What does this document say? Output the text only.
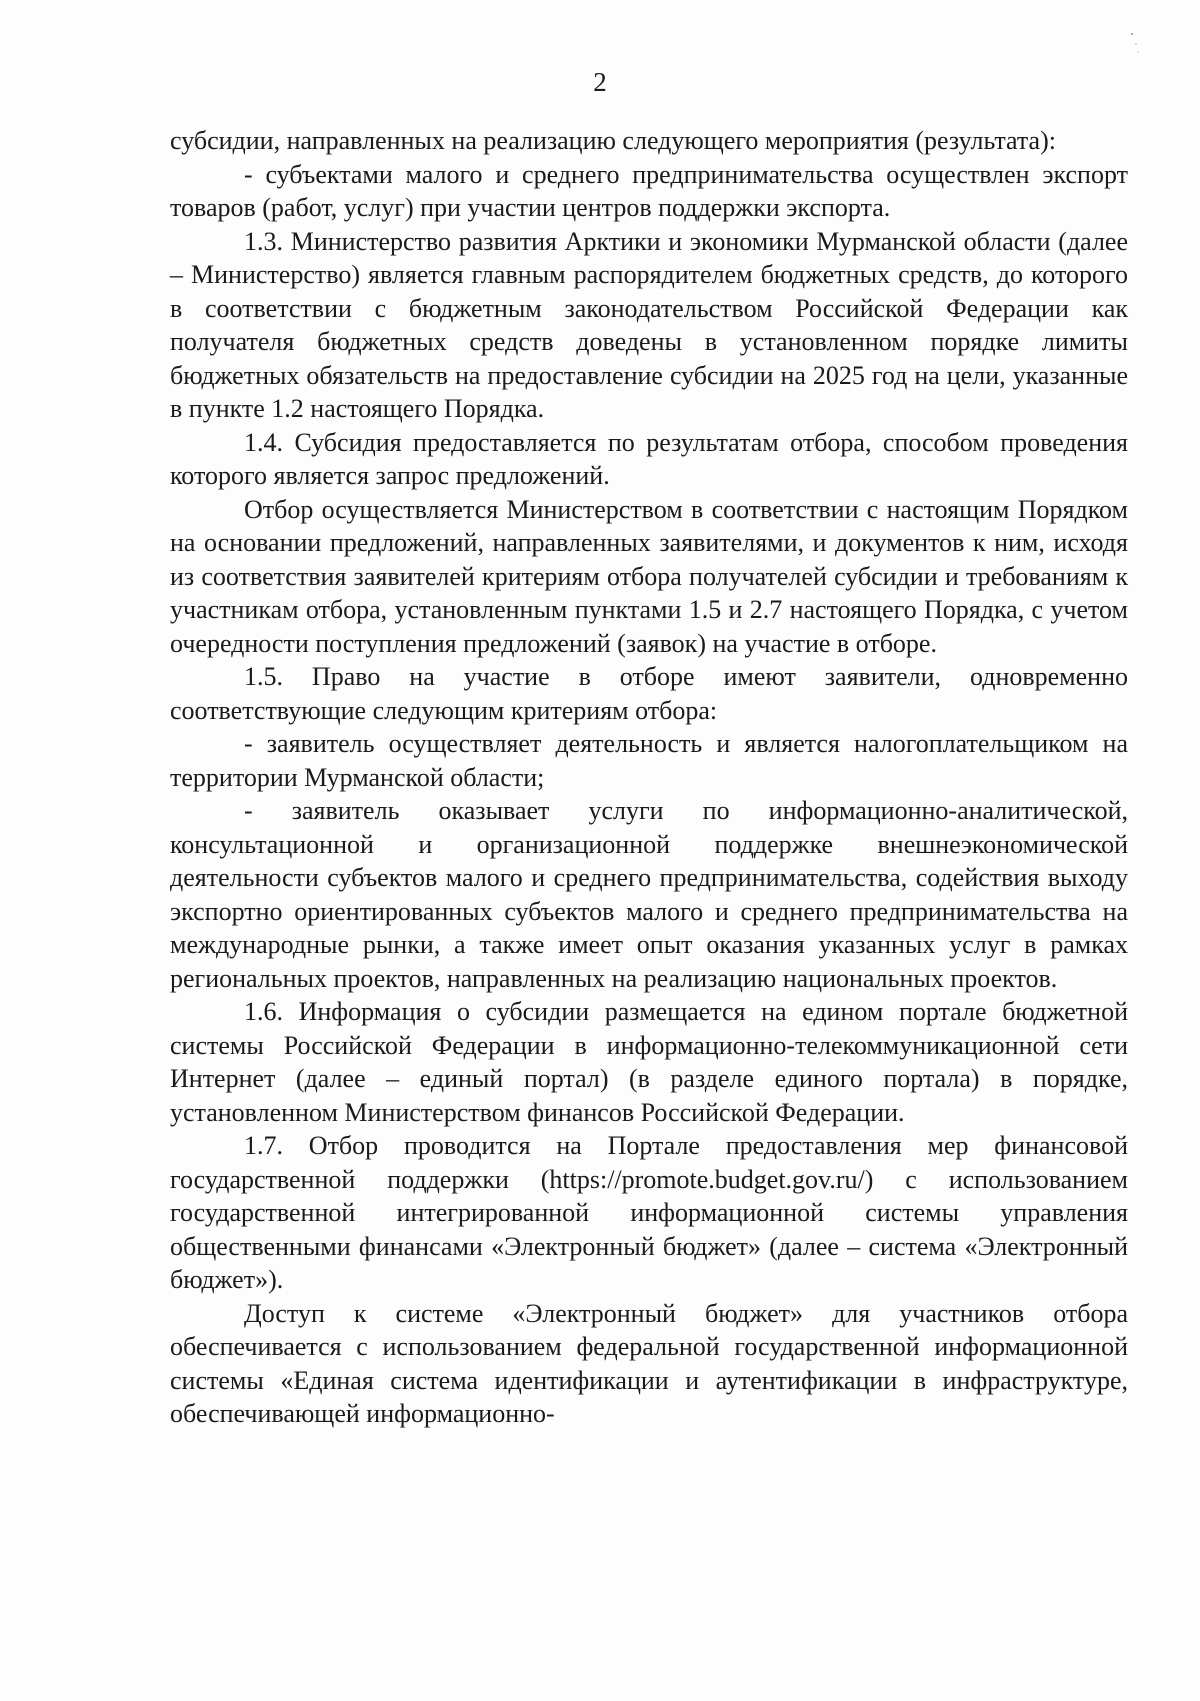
2

субсидии, направленных на реализацию следующего мероприятия (результата):

- субъектами малого и среднего предпринимательства осуществлен экспорт товаров (работ, услуг) при участии центров поддержки экспорта.

1.3. Министерство развития Арктики и экономики Мурманской области (далее – Министерство) является главным распорядителем бюджетных средств, до которого в соответствии с бюджетным законодательством Российской Федерации как получателя бюджетных средств доведены в установленном порядке лимиты бюджетных обязательств на предоставление субсидии на 2025 год на цели, указанные в пункте 1.2 настоящего Порядка.

1.4. Субсидия предоставляется по результатам отбора, способом проведения которого является запрос предложений.

Отбор осуществляется Министерством в соответствии с настоящим Порядком на основании предложений, направленных заявителями, и документов к ним, исходя из соответствия заявителей критериям отбора получателей субсидии и требованиям к участникам отбора, установленным пунктами 1.5 и 2.7 настоящего Порядка, с учетом очередности поступления предложений (заявок) на участие в отборе.

1.5. Право на участие в отборе имеют заявители, одновременно соответствующие следующим критериям отбора:

- заявитель осуществляет деятельность и является налогоплательщиком на территории Мурманской области;

- заявитель оказывает услуги по информационно-аналитической, консультационной и организационной поддержке внешнеэкономической деятельности субъектов малого и среднего предпринимательства, содействия выходу экспортно ориентированных субъектов малого и среднего предпринимательства на международные рынки, а также имеет опыт оказания указанных услуг в рамках региональных проектов, направленных на реализацию национальных проектов.

1.6. Информация о субсидии размещается на едином портале бюджетной системы Российской Федерации в информационно-телекоммуникационной сети Интернет (далее – единый портал) (в разделе единого портала) в порядке, установленном Министерством финансов Российской Федерации.

1.7. Отбор проводится на Портале предоставления мер финансовой государственной поддержки (https://promote.budget.gov.ru/) с использованием государственной интегрированной информационной системы управления общественными финансами «Электронный бюджет» (далее – система «Электронный бюджет»).

Доступ к системе «Электронный бюджет» для участников отбора обеспечивается с использованием федеральной государственной информационной системы «Единая система идентификации и аутентификации в инфраструктуре, обеспечивающей информационно-
